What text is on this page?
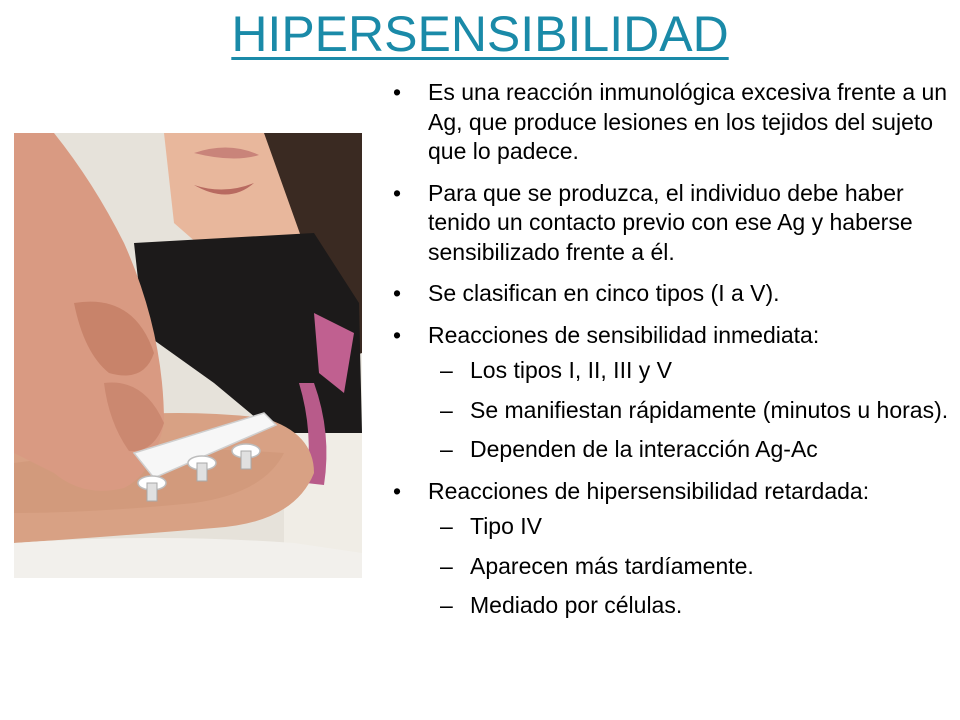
HIPERSENSIBILIDAD
• Es una reacción inmunológica excesiva frente a un Ag, que produce lesiones en los tejidos del sujeto que lo padece.
• Para que se produzca, el individuo debe haber tenido un contacto previo con ese Ag y haberse sensibilizado frente a él.
• Se clasifican en cinco tipos (I a V).
• Reacciones de sensibilidad inmediata:
– Los tipos I, II, III y V
– Se manifiestan rápidamente (minutos u horas).
– Dependen de la interacción Ag-Ac
• Reacciones de hipersensibilidad retardada:
– Tipo IV
– Aparecen más tardíamente.
– Mediado por células.
